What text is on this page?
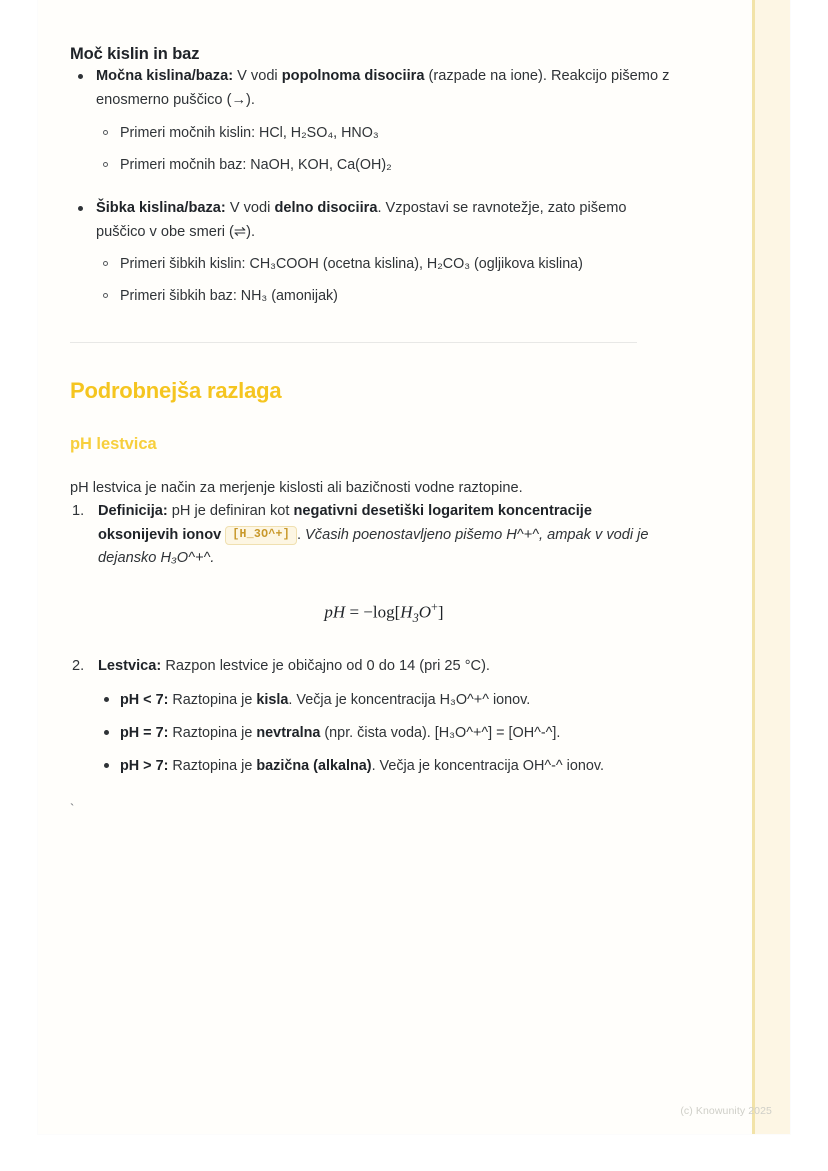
Moč kislin in baz
Močna kislina/baza: V vodi popolnoma disociira (razpade na ione). Reakcijo pišemo z enosmerno puščico (→).
Primeri močnih kislin: HCl, H₂SO₄, HNO₃
Primeri močnih baz: NaOH, KOH, Ca(OH)₂
Šibka kislina/baza: V vodi delno disociira. Vzpostavi se ravnotežje, zato pišemo puščico v obe smeri (⇌).
Primeri šibkih kislin: CH₃COOH (ocetna kislina), H₂CO₃ (ogljikova kislina)
Primeri šibkih baz: NH₃ (amonijak)
Podrobnejša razlaga
pH lestvica

pH lestvica je način za merjenje kislosti ali bazičnosti vodne raztopine.

Definicija: pH je definiran kot negativni desetiški logaritem koncentracije oksonijevih ionov [H_3O^+] . Včasih poenostavljeno pišemo H^+^, ampak v vodi je dejansko H₃O^+^.
pH = $-\log[H_3O^+]$
Lestvica: Razpon lestvice je običajno od 0 do 14 (pri 25 °C).
pH < 7: Raztopina je kisla. Večja je koncentracija H₃O^+^ ionov.
pH = 7: Raztopina je nevtralna (npr. čista voda). [H₃O^+^] = [OH^-^].
pH > 7: Raztopina je bazična (alkalna). Večja je koncentracija OH^-^ ionov.
`
(c) Knowunity 2025
